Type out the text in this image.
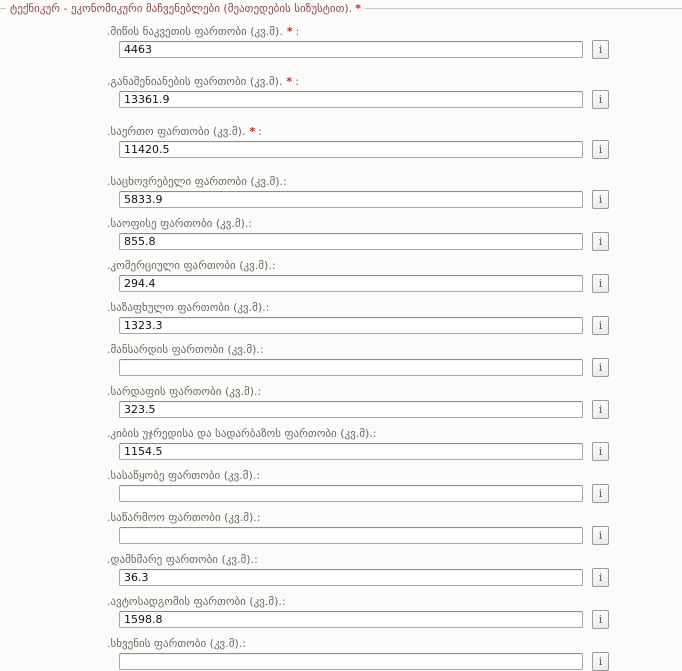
ტექნიკურ - ეკონომიკური მაჩვენებლები (მეათედების სიზუსტით). *
.მიწის ნაკვეთის ფართობი (კვ.მ). * :
4463
i
.განაშენიანების ფართობი (კვ.მ). * :
13361.9
i
.საერთო ფართობი (კვ.მ). * :
11420.5
i
.საცხოვრებელი ფართობი (კვ.მ).:
5833.9
i
.საოფისე ფართობი (კვ.მ).:
855.8
i
.კომერციული ფართობი (კვ.მ).:
294.4
i
.საზაფხულო ფართობი (კვ.მ).:
1323.3
i
.მანსარდის ფართობი (კვ.მ).:
i
.სარდაფის ფართობი (კვ.მ).:
323.5
i
.კიბის უჯრედისა და სადარბაზოს ფართობი (კვ.მ).:
1154.5
i
.სასაწყობე ფართობი (კვ.მ).:
i
.საწარმოო ფართობი (კვ.მ).:
i
.დამხმარე ფართობი (კვ.მ).:
36.3
i
.ავტოსადგომის ფართობი (კვ.მ).:
1598.8
i
.სხვენის ფართობი (კვ.მ).:
i
